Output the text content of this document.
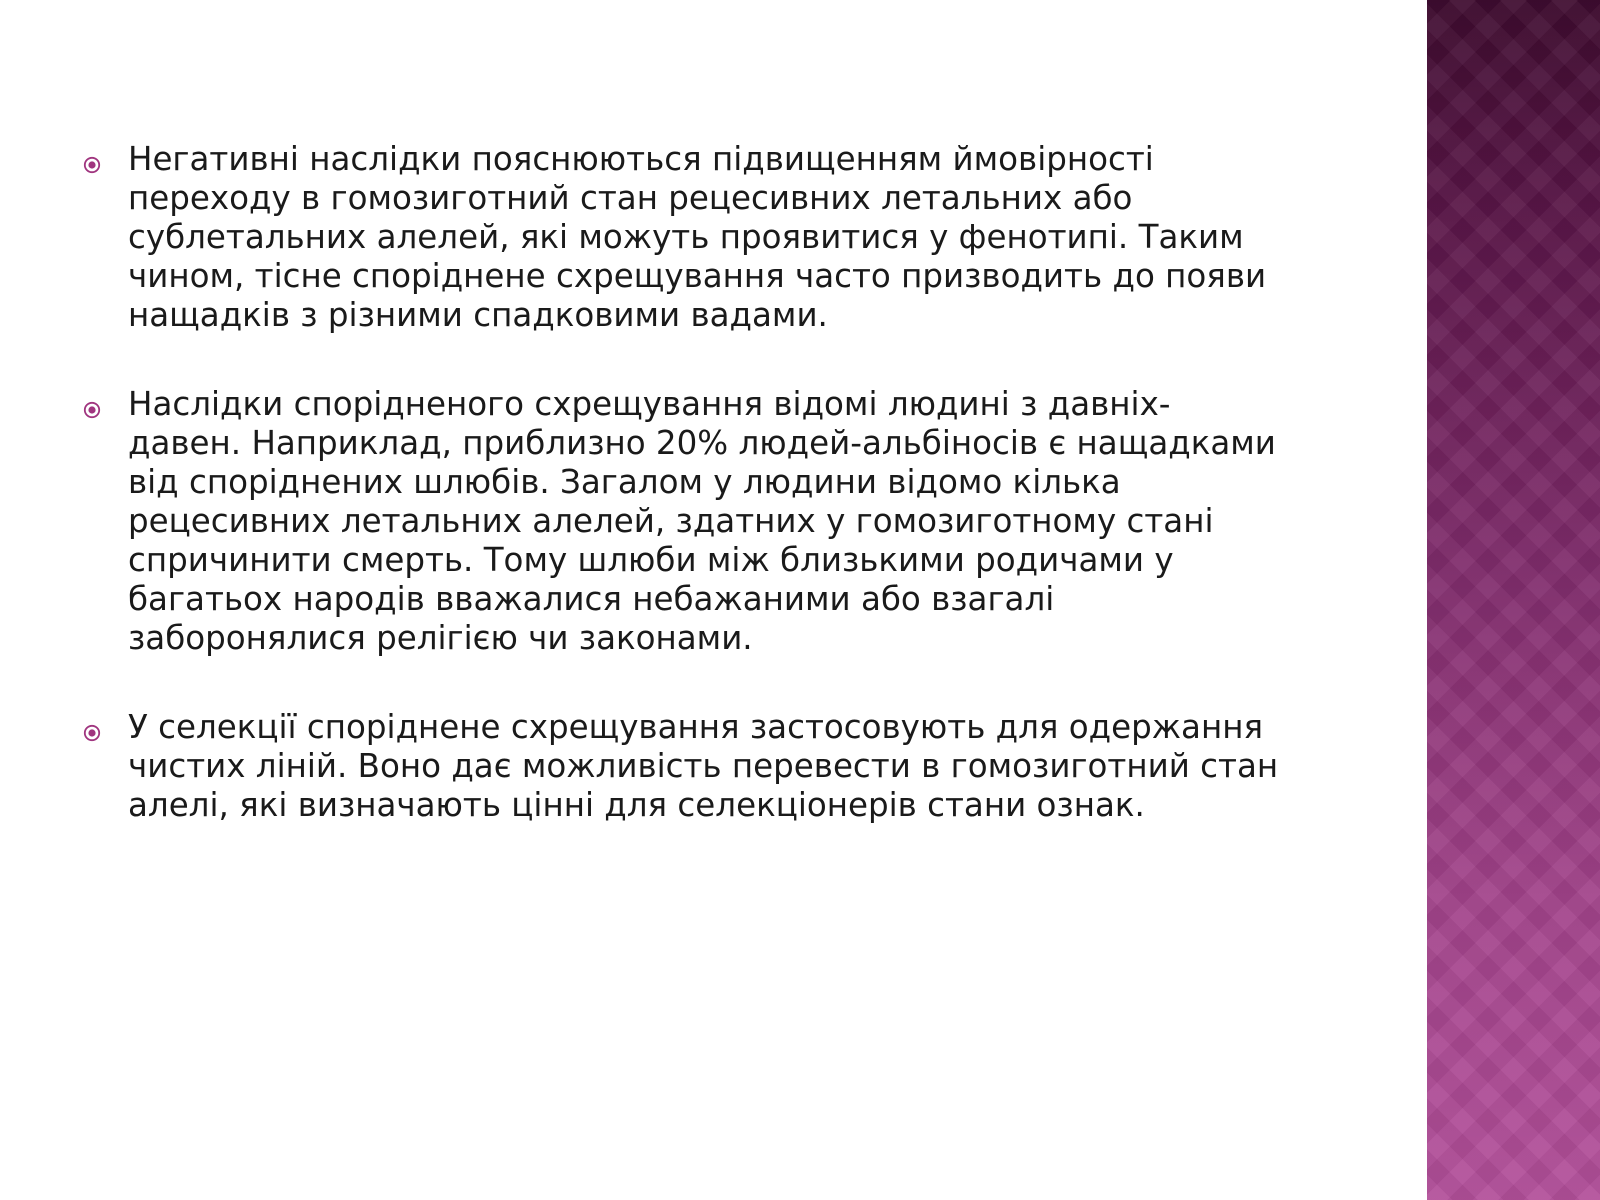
Негативні наслідки пояснюються підвищенням ймовірності
переходу в гомозиготний стан рецесивних летальних або
сублетальних алелей, які можуть проявитися у фенотипі. Таким
чином, тісне споріднене схрещування часто призводить до появи
нащадків з різними спадковими вадами.
Наслідки спорідненого схрещування відомі людині з давніх-
давен. Наприклад, приблизно 20% людей-альбіносів є нащадками
від споріднених шлюбів. Загалом у людини відомо кілька
рецесивних летальних алелей, здатних у гомозиготному стані
спричинити смерть. Тому шлюби між близькими родичами у
багатьох народів вважалися небажаними або взагалі
заборонялися релігією чи законами.
У селекції споріднене схрещування застосовують для одержання
чистих ліній. Воно дає можливість перевести в гомозиготний стан
алелі, які визначають цінні для селекціонерів стани ознак.
